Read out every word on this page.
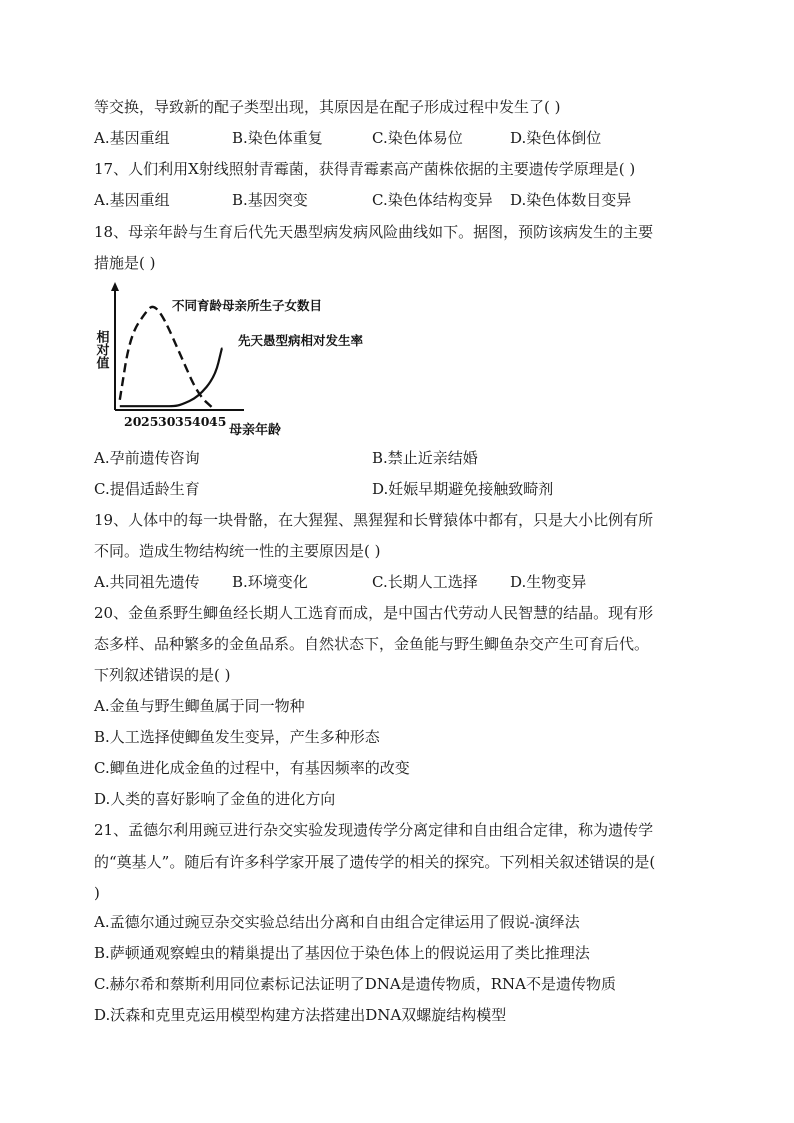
等交换，导致新的配子类型出现，其原因是在配子形成过程中发生了( )
A.基因重组	B.染色体重复	C.染色体易位	D.染色体倒位
17、人们利用X射线照射青霉菌，获得青霉素高产菌株依据的主要遗传学原理是( )
A.基因重组	B.基因突变	C.染色体结构变异 D.染色体数目变异
18、母亲年龄与生育后代先天愚型病发病风险曲线如下。据图，预防该病发生的主要
措施是( )
相对值
母亲年龄
20 25 30 35 40 45
不同育龄母亲所生子女数目
先天愚型病相对发生率
A.孕前遗传咨询	B.禁止近亲结婚
C.提倡适龄生育	D.妊娠早期避免接触致畸剂
19、人体中的每一块骨骼，在大猩猩、黑猩猩和长臂猿体中都有，只是大小比例有所
不同。造成生物结构统一性的主要原因是( )
A.共同祖先遗传 B.环境变化	C.长期人工选择 D.生物变异
20、金鱼系野生鲫鱼经长期人工选育而成，是中国古代劳动人民智慧的结晶。现有形
态多样、品种繁多的金鱼品系。自然状态下，金鱼能与野生鲫鱼杂交产生可育后代。
下列叙述错误的是( )
A.金鱼与野生鲫鱼属于同一物种
B.人工选择使鲫鱼发生变异，产生多种形态
C.鲫鱼进化成金鱼的过程中，有基因频率的改变
D.人类的喜好影响了金鱼的进化方向
21、孟德尔利用豌豆进行杂交实验发现遗传学分离定律和自由组合定律，称为遗传学
的“奠基人”。随后有许多科学家开展了遗传学的相关的探究。下列相关叙述错误的是(
)
A.孟德尔通过豌豆杂交实验总结出分离和自由组合定律运用了假说-演绎法
B.萨顿通观察蝗虫的精巢提出了基因位于染色体上的假说运用了类比推理法
C.赫尔希和蔡斯利用同位素标记法证明了DNA是遗传物质，RNA不是遗传物质
D.沃森和克里克运用模型构建方法搭建出DNA双螺旋结构模型
